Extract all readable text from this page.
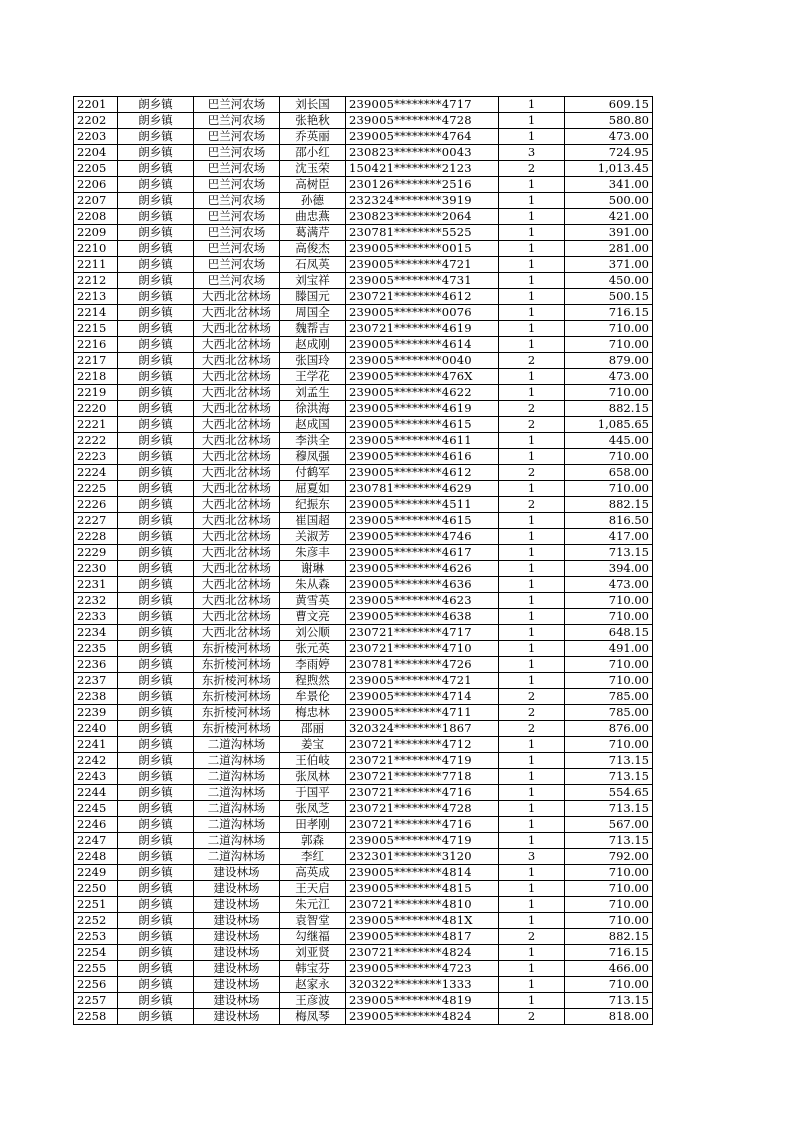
2201	朗乡镇	巴兰河农场	刘长国	239005********4717	1	609.15
2202	朗乡镇	巴兰河农场	张艳秋	239005********4728	1	580.80
2203	朗乡镇	巴兰河农场	乔英丽	239005********4764	1	473.00
2204	朗乡镇	巴兰河农场	邵小红	230823********0043	3	724.95
2205	朗乡镇	巴兰河农场	沈玉荣	150421********2123	2	1,013.45
2206	朗乡镇	巴兰河农场	高树臣	230126********2516	1	341.00
2207	朗乡镇	巴兰河农场	孙德	232324********3919	1	500.00
2208	朗乡镇	巴兰河农场	曲忠燕	230823********2064	1	421.00
2209	朗乡镇	巴兰河农场	葛满芹	230781********5525	1	391.00
2210	朗乡镇	巴兰河农场	高俊杰	239005********0015	1	281.00
2211	朗乡镇	巴兰河农场	石凤英	239005********4721	1	371.00
2212	朗乡镇	巴兰河农场	刘宝祥	239005********4731	1	450.00
2213	朗乡镇	大西北岔林场	滕国元	230721********4612	1	500.15
2214	朗乡镇	大西北岔林场	周国全	239005********0076	1	716.15
2215	朗乡镇	大西北岔林场	魏帮吉	230721********4619	1	710.00
2216	朗乡镇	大西北岔林场	赵成刚	239005********4614	1	710.00
2217	朗乡镇	大西北岔林场	张国玲	239005********0040	2	879.00
2218	朗乡镇	大西北岔林场	王学花	239005********476X	1	473.00
2219	朗乡镇	大西北岔林场	刘孟生	239005********4622	1	710.00
2220	朗乡镇	大西北岔林场	徐洪海	239005********4619	2	882.15
2221	朗乡镇	大西北岔林场	赵成国	239005********4615	2	1,085.65
2222	朗乡镇	大西北岔林场	李洪全	239005********4611	1	445.00
2223	朗乡镇	大西北岔林场	穆凤强	239005********4616	1	710.00
2224	朗乡镇	大西北岔林场	付鹤军	239005********4612	2	658.00
2225	朗乡镇	大西北岔林场	屈夏如	230781********4629	1	710.00
2226	朗乡镇	大西北岔林场	纪振东	239005********4511	2	882.15
2227	朗乡镇	大西北岔林场	崔国超	239005********4615	1	816.50
2228	朗乡镇	大西北岔林场	关淑芳	239005********4746	1	417.00
2229	朗乡镇	大西北岔林场	朱彦丰	239005********4617	1	713.15
2230	朗乡镇	大西北岔林场	谢琳	239005********4626	1	394.00
2231	朗乡镇	大西北岔林场	朱从森	239005********4636	1	473.00
2232	朗乡镇	大西北岔林场	黄雪英	239005********4623	1	710.00
2233	朗乡镇	大西北岔林场	曹文亮	239005********4638	1	710.00
2234	朗乡镇	大西北岔林场	刘公顺	230721********4717	1	648.15
2235	朗乡镇	东折棱河林场	张元英	230721********4710	1	491.00
2236	朗乡镇	东折棱河林场	李雨婷	230781********4726	1	710.00
2237	朗乡镇	东折棱河林场	程煦然	239005********4721	1	710.00
2238	朗乡镇	东折棱河林场	牟景伦	239005********4714	2	785.00
2239	朗乡镇	东折棱河林场	梅忠林	239005********4711	2	785.00
2240	朗乡镇	东折棱河林场	邵丽	320324********1867	2	876.00
2241	朗乡镇	二道沟林场	姜宝	230721********4712	1	710.00
2242	朗乡镇	二道沟林场	王伯岐	230721********4719	1	713.15
2243	朗乡镇	二道沟林场	张凤林	230721********7718	1	713.15
2244	朗乡镇	二道沟林场	于国平	230721********4716	1	554.65
2245	朗乡镇	二道沟林场	张凤芝	230721********4728	1	713.15
2246	朗乡镇	二道沟林场	田孝刚	230721********4716	1	567.00
2247	朗乡镇	二道沟林场	郭森	239005********4719	1	713.15
2248	朗乡镇	二道沟林场	李红	232301********3120	3	792.00
2249	朗乡镇	建设林场	高英成	239005********4814	1	710.00
2250	朗乡镇	建设林场	王天启	239005********4815	1	710.00
2251	朗乡镇	建设林场	朱元江	230721********4810	1	710.00
2252	朗乡镇	建设林场	袁智堂	239005********481X	1	710.00
2253	朗乡镇	建设林场	勾继福	239005********4817	2	882.15
2254	朗乡镇	建设林场	刘亚贤	230721********4824	1	716.15
2255	朗乡镇	建设林场	韩宝芬	239005********4723	1	466.00
2256	朗乡镇	建设林场	赵家永	320322********1333	1	710.00
2257	朗乡镇	建设林场	王彦波	239005********4819	1	713.15
2258	朗乡镇	建设林场	梅凤琴	239005********4824	2	818.00
